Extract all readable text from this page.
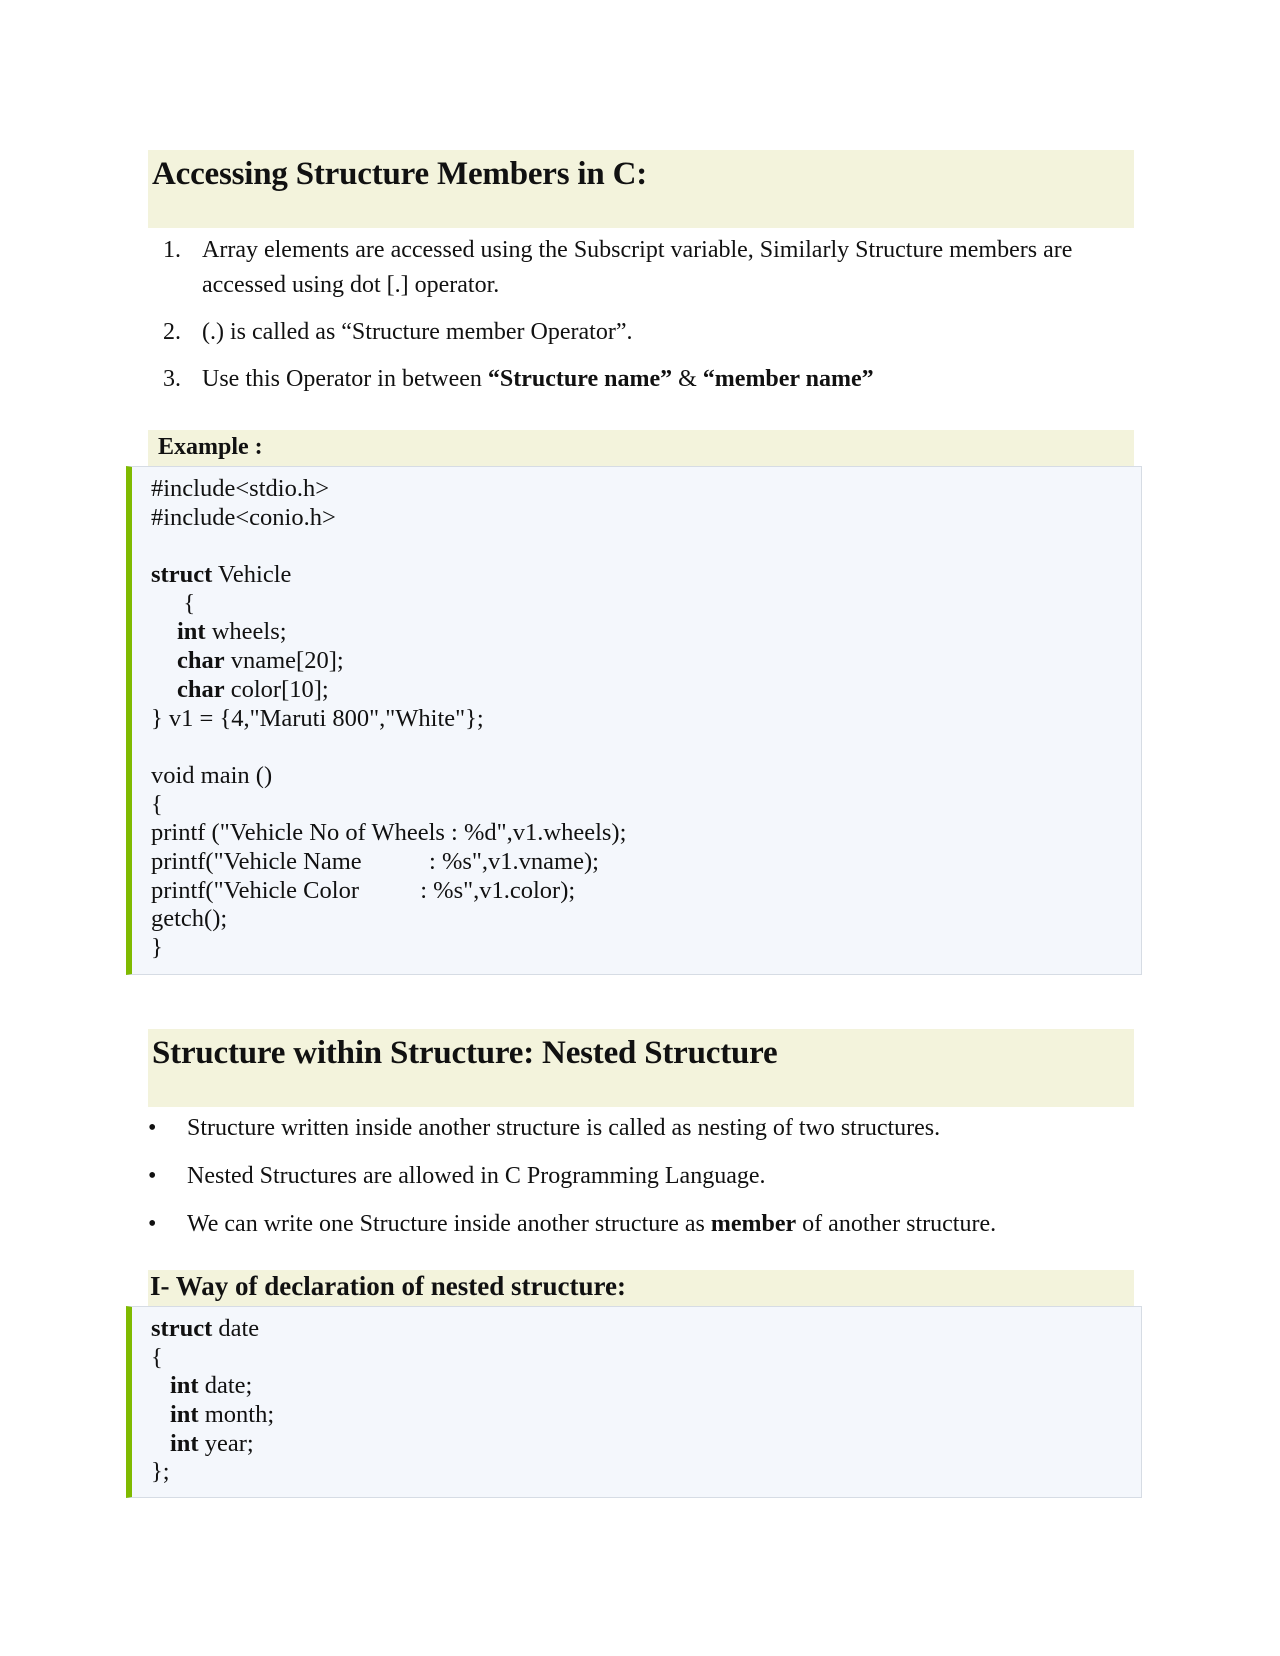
Accessing Structure Members in C:
1. Array elements are accessed using the Subscript variable, Similarly Structure members are accessed using dot [.] operator.
2. (.) is called as “Structure member Operator”.
3. Use this Operator in between “Structure name” & “member name”
Example :
#include<stdio.h>
#include<conio.h>
struct Vehicle
{
int wheels;
char vname[20];
char color[10];
} v1 = {4,"Maruti 800","White"};
void main ()
{
printf ("Vehicle No of Wheels : %d",v1.wheels);
printf("Vehicle Name           : %s",v1.vname);
printf("Vehicle Color          : %s",v1.color);
getch();
}
Structure within Structure: Nested Structure
• Structure written inside another structure is called as nesting of two structures.
• Nested Structures are allowed in C Programming Language.
• We can write one Structure inside another structure as member of another structure.
I- Way of declaration of nested structure:
struct date
{
int date;
int month;
int year;
};
